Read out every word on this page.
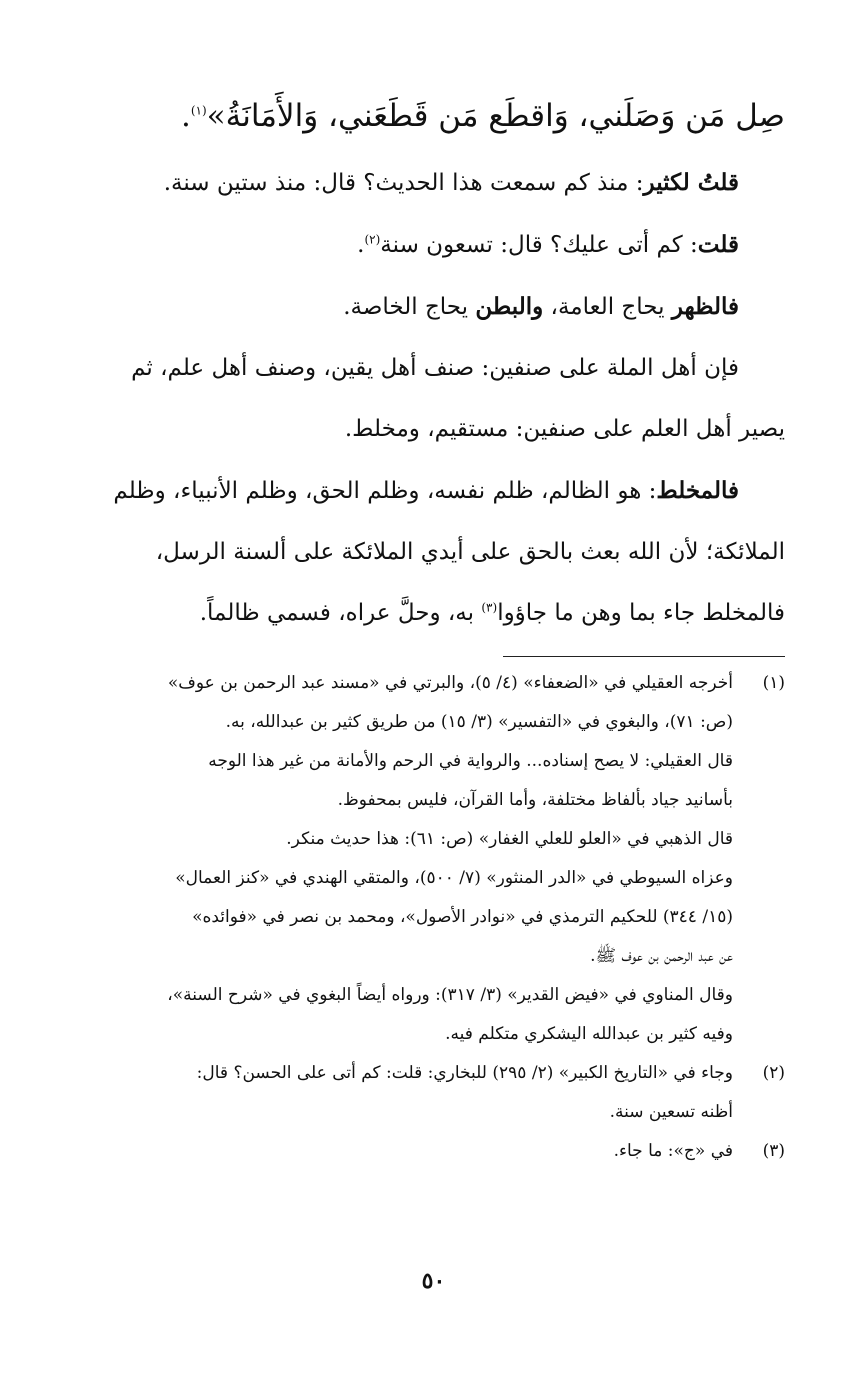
صِل مَن وَصَلَني، وَاقطَع مَن قَطَعَني، وَالأَمَانَةُ»$^{(١)}$.

قلتُ لكثير: منذ كم سمعت هذا الحديث؟ قال: منذ ستين سنة.

قلت: كم أتى عليك؟ قال: تسعون سنة$^{(٢)}$.

فالظهر يحاج العامة، والبطن يحاج الخاصة.

فإن أهل الملة على صنفين: صنف أهل يقين، وصنف أهل علم، ثم

يصير أهل العلم على صنفين: مستقيم، ومخلط.

فالمخلط: هو الظالم، ظلم نفسه، وظلم الحق، وظلم الأنبياء، وظلم

الملائكة؛ لأن الله بعث بالحق على أيدي الملائكة على ألسنة الرسل،

فالمخلط جاء بما وهن ما جاؤوا$^{(٣)}$ به، وحلَّ عراه، فسمي ظالماً.

(١)

أخرجه العقيلي في «الضعفاء» (٤/ ٥)، والبرتي في «مسند عبد الرحمن بن عوف»

(ص: ٧١)، والبغوي في «التفسير» (٣/ ١٥) من طريق كثير بن عبدالله، به.

قال العقيلي: لا يصح إسناده... والرواية في الرحم والأمانة من غير هذا الوجه

بأسانيد جياد بألفاظ مختلفة، وأما القرآن، فليس بمحفوظ.

قال الذهبي في «العلو للعلي الغفار» (ص: ٦١): هذا حديث منكر.

وعزاه السيوطي في «الدر المنثور» (٧/ ٥٠٠)، والمتقي الهندي في «كنز العمال»

(١٥/ ٣٤٤) للحكيم الترمذي في «نوادر الأصول»، ومحمد بن نصر في «فوائده»

عن عبد الرحمن بن عوف ﷺ.

وقال المناوي في «فيض القدير» (٣/ ٣١٧): ورواه أيضاً البغوي في «شرح السنة»،

وفيه كثير بن عبدالله اليشكري متكلم فيه.

(٢)

وجاء في «التاريخ الكبير» (٢/ ٢٩٥) للبخاري: قلت: كم أتى على الحسن؟ قال:

أظنه تسعين سنة.

(٣)

في «ج»: ما جاء.

٥٠
